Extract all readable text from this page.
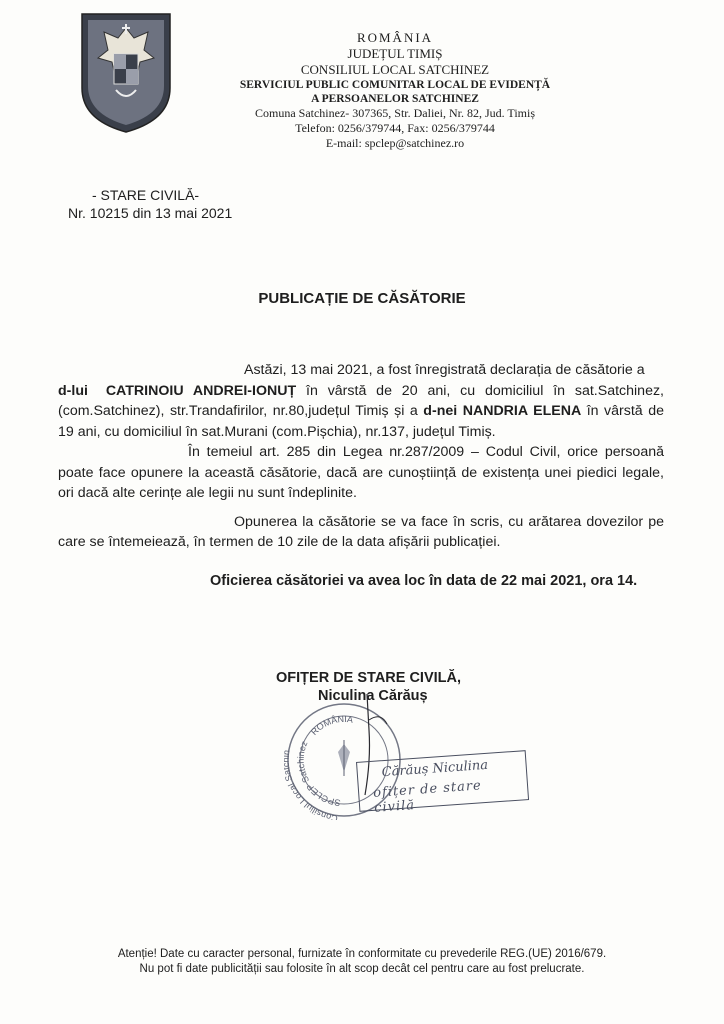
ROMÂNIA
JUDEȚUL TIMIȘ
CONSILIUL LOCAL SATCHINEZ
SERVICIUL PUBLIC COMUNITAR LOCAL DE EVIDENȚĂ
A PERSOANELOR SATCHINEZ
Comuna Satchinez- 307365, Str. Daliei, Nr. 82, Jud. Timiș
Telefon: 0256/379744, Fax: 0256/379744
E-mail: spclep@satchinez.ro
- STARE CIVILĂ-
Nr. 10215 din 13 mai 2021
PUBLICAȚIE DE CĂSĂTORIE
Astăzi, 13 mai 2021, a fost înregistrată declarația de căsătorie a
d-lui CATRINOIU ANDREI-IONUȚ în vârstă de 20 ani, cu domiciliul în sat.Satchinez, (com.Satchinez), str.Trandafirilor, nr.80,județul Timiș și a d-nei NANDRIA ELENA în vârstă de 19 ani, cu domiciliul în sat.Murani (com.Pișchia), nr.137, județul Timiș.
În temeiul art. 285 din Legea nr.287/2009 – Codul Civil, orice persoană poate face opunere la această căsătorie, dacă are cunoștiință de existența unei piedici legale, ori dacă alte cerințe ale legii nu sunt îndeplinite.
Opunerea la căsătorie se va face în scris, cu arătarea dovezilor pe care se întemeiează, în termen de 10 zile de la data afișării publicației.
Oficierea căsătoriei va avea loc în data de 22 mai 2021, ora 14.
OFIȚER DE STARE CIVILĂ,
Niculina Cărăuș
ROMÂNIA
SPCLEP Satchinez
Consiliul Local S	Cărăuș Niculina
ofițer de stare civilă
Atenție! Date cu caracter personal, furnizate în conformitate cu prevederile REG.(UE) 2016/679.
Nu pot fi date publicității sau folosite în alt scop decât cel pentru care au fost prelucrate.
